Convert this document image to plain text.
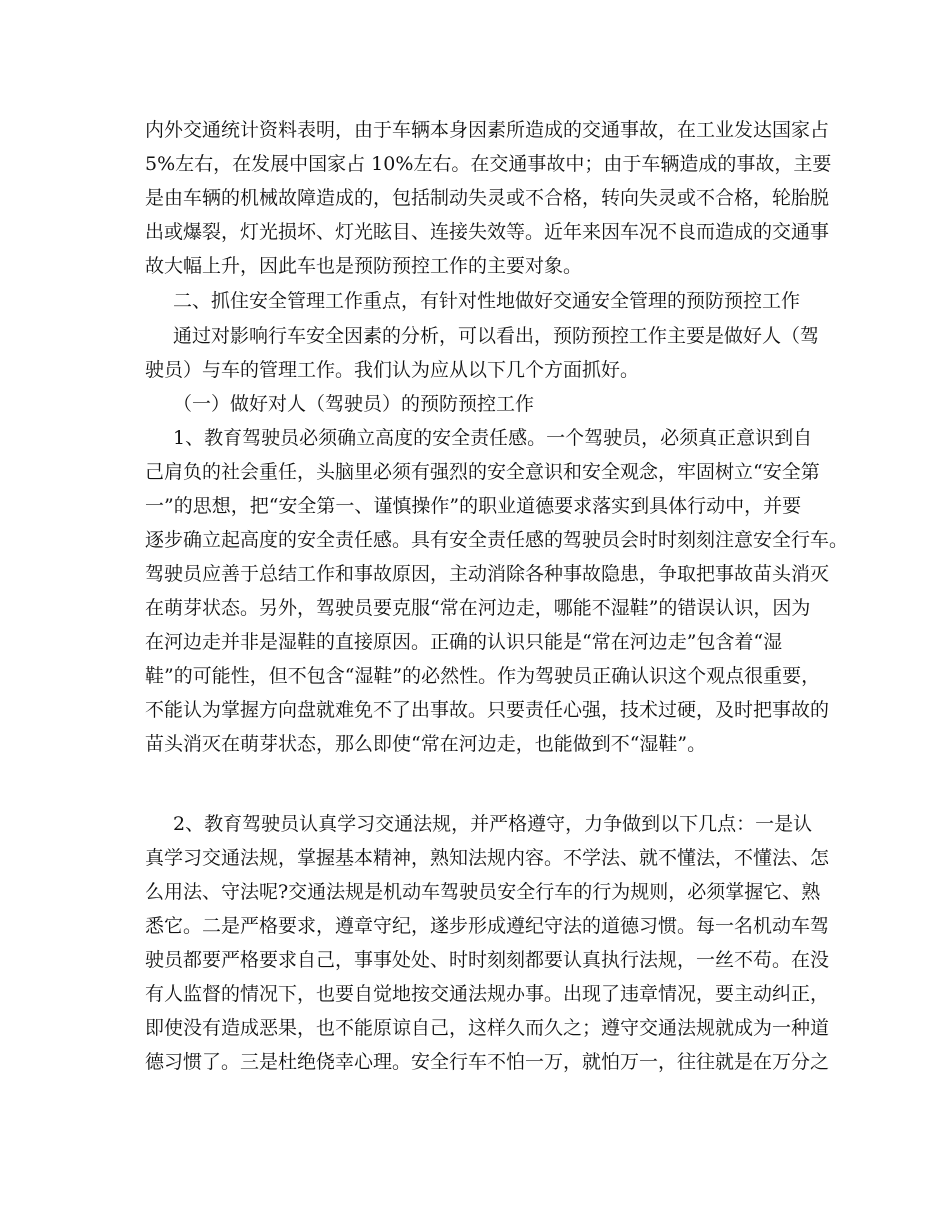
内外交通统计资料表明，由于车辆本身因素所造成的交通事故，在工业发达国家占
5%左右，在发展中国家占 10%左右。在交通事故中；由于车辆造成的事故，主要
是由车辆的机械故障造成的，包括制动失灵或不合格，转向失灵或不合格，轮胎脱
出或爆裂，灯光损坏、灯光眩目、连接失效等。近年来因车况不良而造成的交通事
故大幅上升，因此车也是预防预控工作的主要对象。
二、抓住安全管理工作重点，有针对性地做好交通安全管理的预防预控工作
通过对影响行车安全因素的分析，可以看出，预防预控工作主要是做好人（驾
驶员）与车的管理工作。我们认为应从以下几个方面抓好。
（一）做好对人（驾驶员）的预防预控工作
1、教育驾驶员必须确立高度的安全责任感。一个驾驶员，必须真正意识到自
己肩负的社会重任，头脑里必须有强烈的安全意识和安全观念，牢固树立“安全第
一”的思想，把“安全第一、谨慎操作”的职业道德要求落实到具体行动中，并要
逐步确立起高度的安全责任感。具有安全责任感的驾驶员会时时刻刻注意安全行车。
驾驶员应善于总结工作和事故原因，主动消除各种事故隐患，争取把事故苗头消灭
在萌芽状态。另外，驾驶员要克服“常在河边走，哪能不湿鞋”的错误认识，因为
在河边走并非是湿鞋的直接原因。正确的认识只能是“常在河边走”包含着“湿
鞋”的可能性，但不包含“湿鞋”的必然性。作为驾驶员正确认识这个观点很重要，
不能认为掌握方向盘就难免不了出事故。只要责任心强，技术过硬，及时把事故的
苗头消灭在萌芽状态，那么即使“常在河边走，也能做到不“湿鞋”。
2、教育驾驶员认真学习交通法规，并严格遵守，力争做到以下几点：一是认
真学习交通法规，掌握基本精神，熟知法规内容。不学法、就不懂法，不懂法、怎
么用法、守法呢?交通法规是机动车驾驶员安全行车的行为规则，必须掌握它、熟
悉它。二是严格要求，遵章守纪，遂步形成遵纪守法的道德习惯。每一名机动车驾
驶员都要严格要求自己，事事处处、时时刻刻都要认真执行法规，一丝不苟。在没
有人监督的情况下，也要自觉地按交通法规办事。出现了违章情况，要主动纠正，
即使没有造成恶果，也不能原谅自己，这样久而久之；遵守交通法规就成为一种道
德习惯了。三是杜绝侥幸心理。安全行车不怕一万，就怕万一，往往就是在万分之
